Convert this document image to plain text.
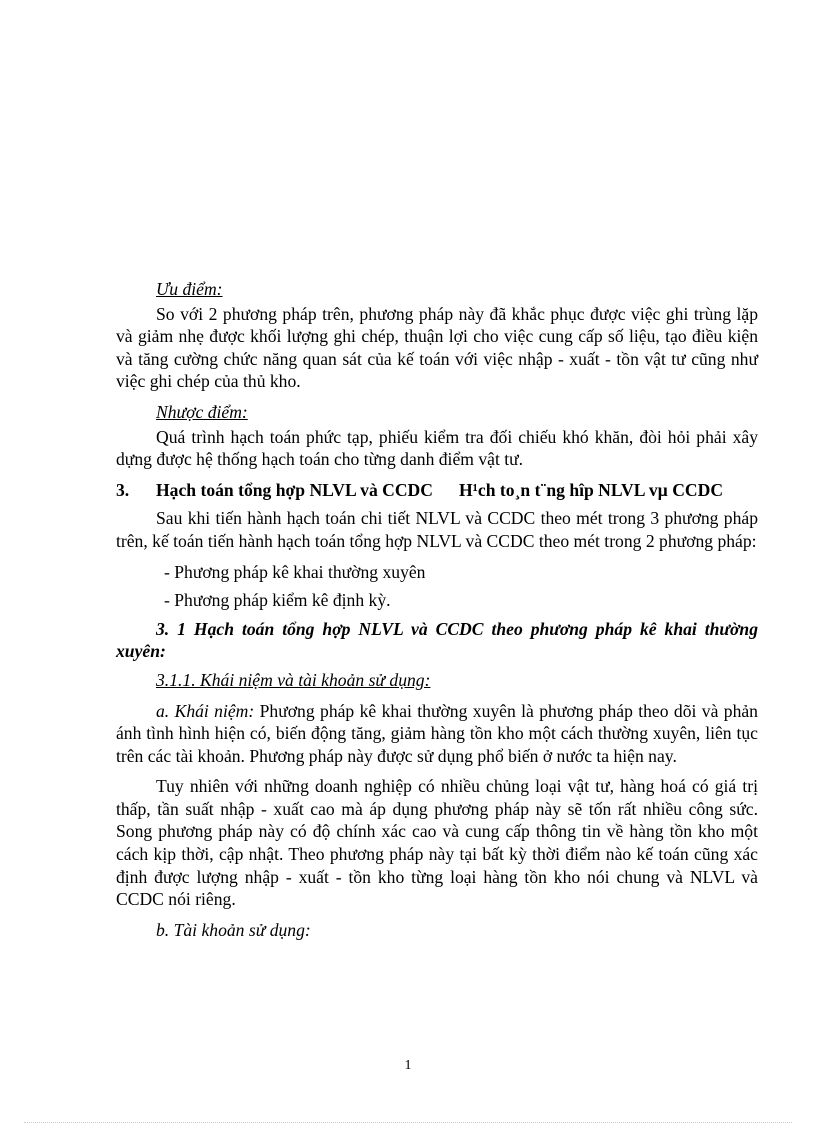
Ưu điểm:

So với 2 phương pháp trên, phương pháp này đã khắc phục được việc ghi trùng lặp và giảm nhẹ được khối lượng ghi chép, thuận lợi cho việc cung cấp số liệu, tạo điều kiện và tăng cường chức năng quan sát của kế toán với việc nhập - xuất - tồn vật tư cũng như việc ghi chép của thủ kho.

Nhược điểm:

Quá trình hạch toán phức tạp, phiếu kiểm tra đối chiếu khó khăn, đòi hỏi phải xây dựng được hệ thống hạch toán cho từng danh điểm vật tư.

3.	Hạch toán tổng hợp NLVL và CCDC H¹ch to¸n t¨ng hîp NLVL vµ CCDC

Sau khi tiến hành hạch toán chi tiết NLVL và CCDC theo mét trong 3 phương pháp trên, kế toán tiến hành hạch toán tổng hợp NLVL và CCDC theo mét trong 2 phương pháp:

- Phương pháp kê khai thường xuyên
- Phương pháp kiểm kê định kỳ.

3. 1 Hạch toán tổng hợp NLVL và CCDC theo phương pháp kê khai thường xuyên:

3.1.1. Khái niệm và tài khoản sử dụng:

a. Khái niệm: Phương pháp kê khai thường xuyên là phương pháp theo dõi và phản ánh tình hình hiện có, biến động tăng, giảm hàng tồn kho một cách thường xuyên, liên tục trên các tài khoản. Phương pháp này được sử dụng phổ biến ở nước ta hiện nay.

Tuy nhiên với những doanh nghiệp có nhiều chủng loại vật tư, hàng hoá có giá trị thấp, tần suất nhập - xuất cao mà áp dụng phương pháp này sẽ tốn rất nhiều công sức. Song phương pháp này có độ chính xác cao và cung cấp thông tin về hàng tồn kho một cách kịp thời, cập nhật. Theo phương pháp này tại bất kỳ thời điểm nào kế toán cũng xác định được lượng nhập - xuất - tồn kho từng loại hàng tồn kho nói chung và NLVL và CCDC nói riêng.

b. Tài khoản sử dụng:
1
